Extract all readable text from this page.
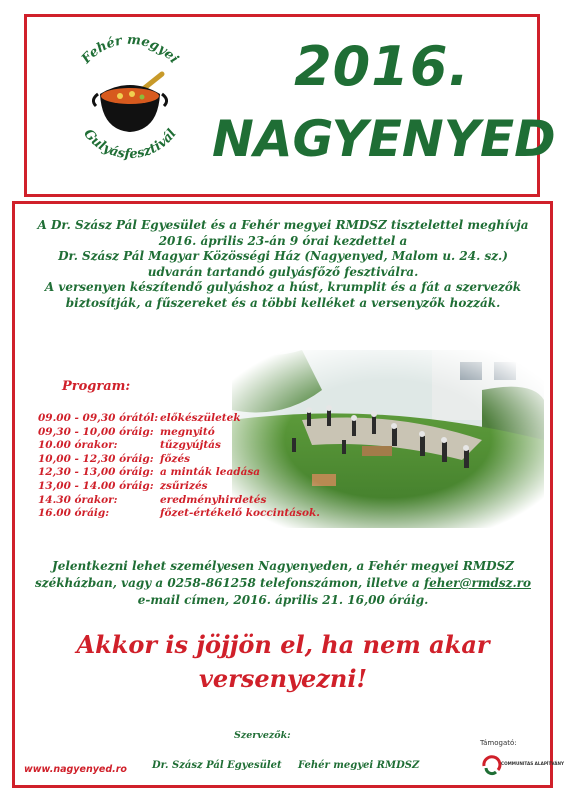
Fehér megyei
Gulyásfesztivál
2016.
NAGYENYED
A Dr. Szász Pál Egyesület és a Fehér megyei RMDSZ tisztelettel meghívja
2016. április 23-án 9 órai kezdettel a
Dr. Szász Pál Magyar Közösségi Ház (Nagyenyed, Malom u. 24. sz.)
udvarán tartandó gulyásfőző fesztiválra.
A versenyen készítendő gulyáshoz a húst, krumplit és a fát a szervezők
biztosítják, a fűszereket és a többi kelléket a versenyzők hozzák.
Program:
09.00 - 09,30 órától: előkészületek
09,30 - 10,00 óráig: megnyitó
10.00 órakor:	tűzgyújtás
10,00 - 12,30 óráig: főzés
12,30 - 13,00 óráig: a minták leadása
13,00 - 14.00 óráig: zsűrizés
14.30 órakor:	eredményhirdetés
16.00 óráig:	főzet-értékelő koccintások.
Jelentkezni lehet személyesen Nagyenyeden, a Fehér megyei RMDSZ
székházban, vagy a 0258-861258 telefonszámon, illetve a feher@rmdsz.ro
e-mail címen, 2016. április 21. 16,00 óráig.
Akkor is jöjjön el, ha nem akar
versenyezni!
Szervezők:
Dr. Szász Pál Egyesület Fehér megyei RMDSZ
www.nagyenyed.ro
Támogató:
COMMUNITAS ALAPÍTVÁNY
